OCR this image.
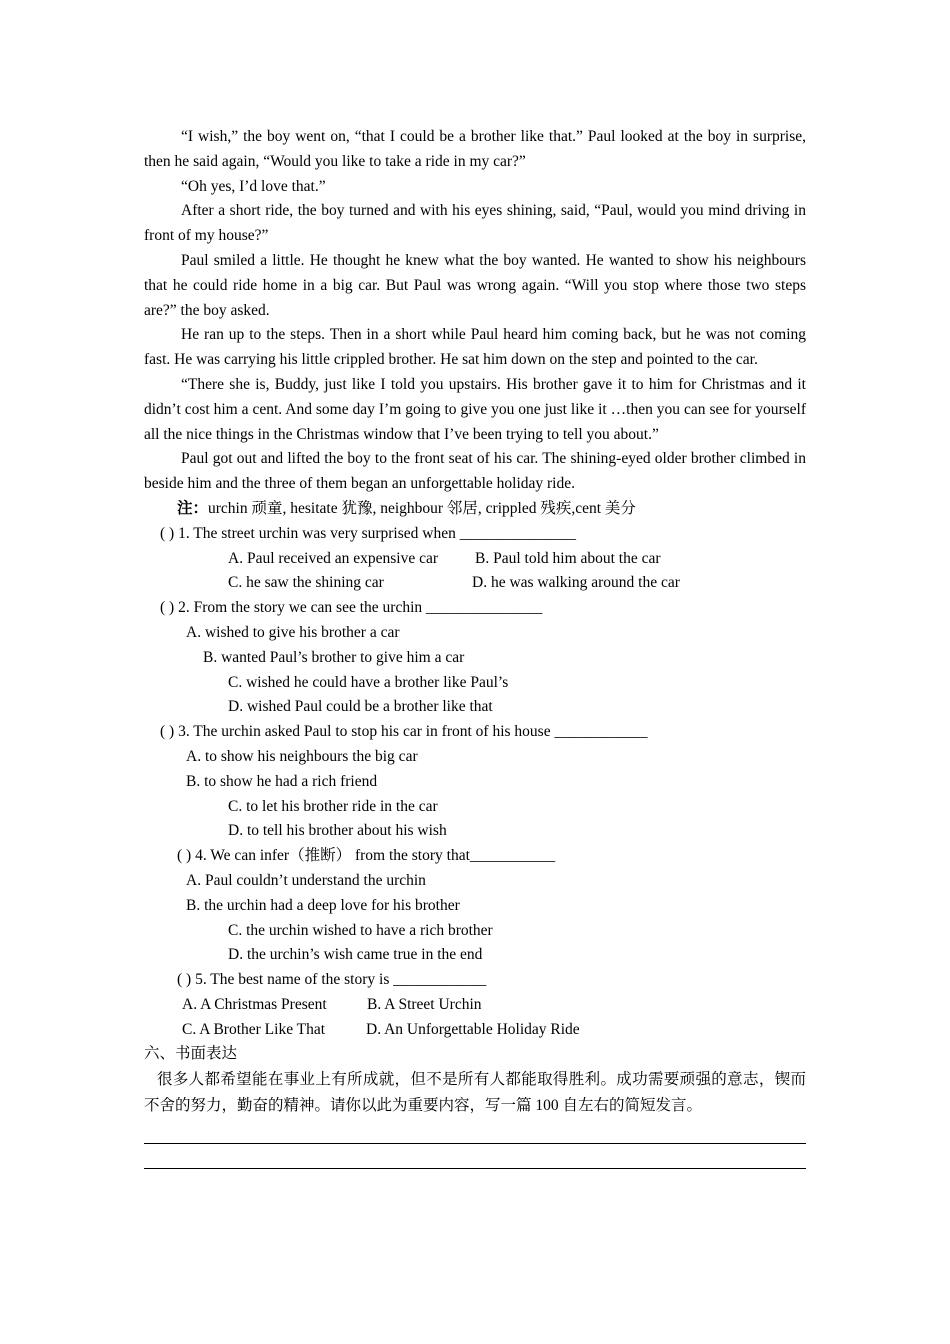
“I wish,” the boy went on, “that I could be a brother like that.” Paul looked at the boy in surprise, then he said again, “Would you like to take a ride in my car?”

“Oh yes, I’d love that.”

After a short ride, the boy turned and with his eyes shining, said, “Paul, would you mind driving in front of my house?”

Paul smiled a little. He thought he knew what the boy wanted. He wanted to show his neighbours that he could ride home in a big car. But Paul was wrong again. “Will you stop where those two steps are?” the boy asked.

He ran up to the steps. Then in a short while Paul heard him coming back, but he was not coming fast. He was carrying his little crippled brother. He sat him down on the step and pointed to the car.

“There she is, Buddy, just like I told you upstairs. His brother gave it to him for Christmas and it didn’t cost him a cent. And some day I’m going to give you one just like it …then you can see for yourself all the nice things in the Christmas window that I’ve been trying to tell you about.”

Paul got out and lifted the boy to the front seat of his car. The shining-eyed older brother climbed in beside him and the three of them began an unforgettable holiday ride.

注：urchin 顽童, hesitate 犹豫, neighbour 邻居, crippled 残疾,cent 美分

( ) 1. The street urchin was very surprised when _______________

A. Paul received an expensive car	B. Paul told him about the car
C. he saw the shining car	D. he was walking around the car

( ) 2. From the story we can see the urchin _______________

A. wished to give his brother a car

B. wanted Paul’s brother to give him a car

C. wished he could have a brother like Paul’s

D. wished Paul could be a brother like that

( ) 3. The urchin asked Paul to stop his car in front of his house ____________

A. to show his neighbours the big car

B. to show he had a rich friend

C. to let his brother ride in the car

D. to tell his brother about his wish

( ) 4. We can infer（推断） from the story that___________

A. Paul couldn’t understand the urchin

B. the urchin had a deep love for his brother

C. the urchin wished to have a rich brother

D. the urchin’s wish came true in the end

( ) 5. The best name of the story is ____________

A. A Christmas Present	B. A Street Urchin
C. A Brother Like That	D. An Unforgettable Holiday Ride

六、书面表达

很多人都希望能在事业上有所成就，但不是所有人都能取得胜利。成功需要顽强的意志，锲而不舍的努力，勤奋的精神。请你以此为重要内容，写一篇 100 自左右的简短发言。
